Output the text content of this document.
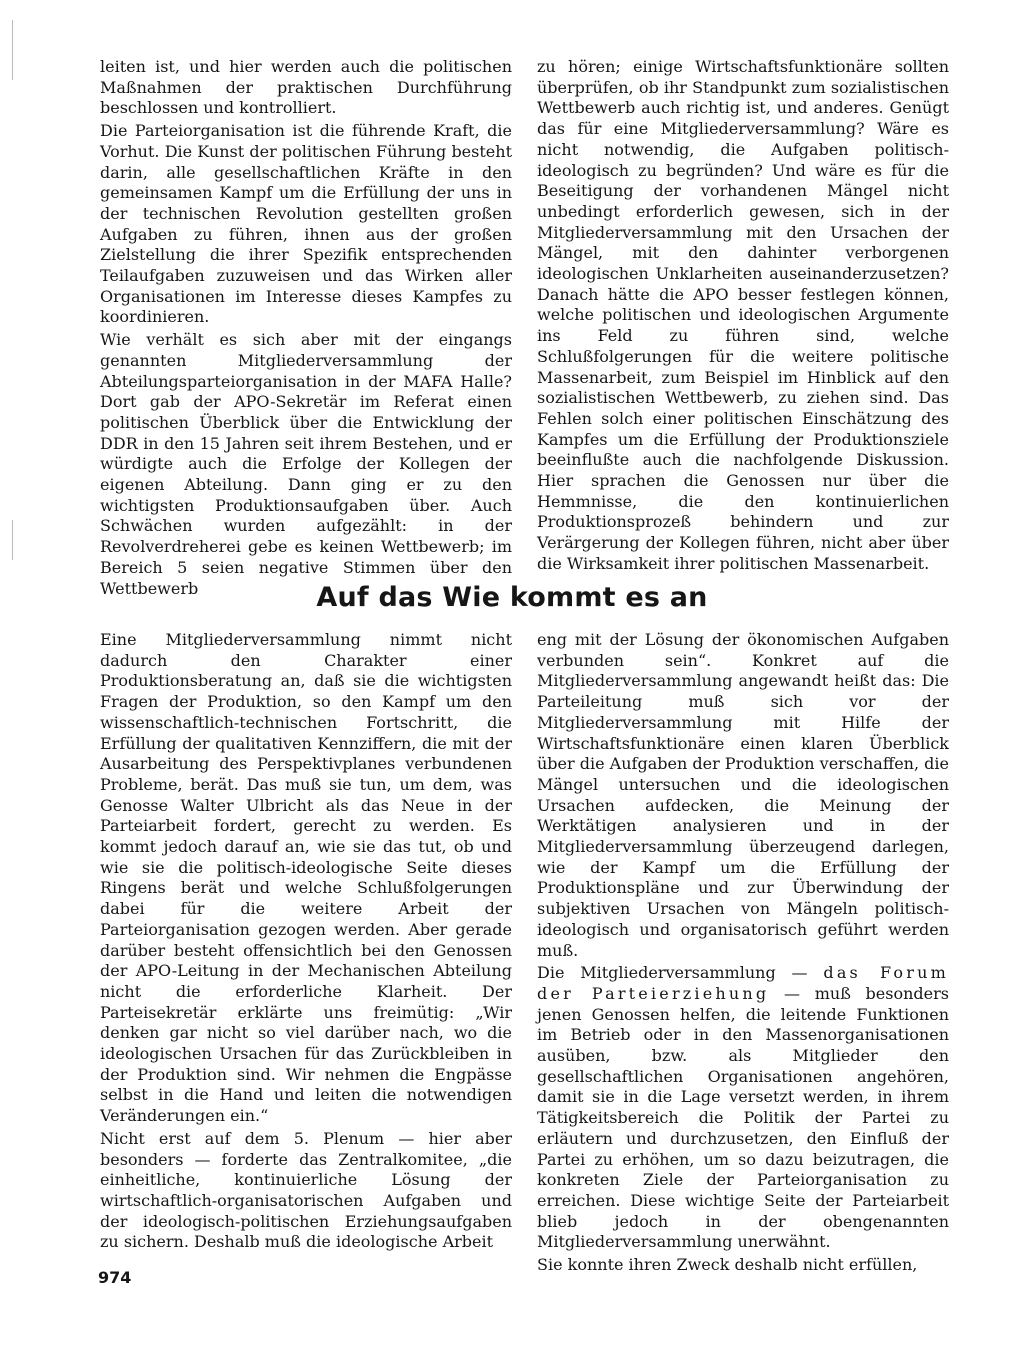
leiten ist, und hier werden auch die politischen Maßnahmen der praktischen Durchführung beschlossen und kontrolliert.

Die Parteiorganisation ist die führende Kraft, die Vorhut. Die Kunst der politischen Führung besteht darin, alle gesellschaftlichen Kräfte in den gemeinsamen Kampf um die Erfüllung der uns in der technischen Revolution gestellten großen Aufgaben zu führen, ihnen aus der großen Zielstellung die ihrer Spezifik entsprechenden Teilaufgaben zuzuweisen und das Wirken aller Organisationen im Interesse dieses Kampfes zu koordinieren.

Wie verhält es sich aber mit der eingangs genannten Mitgliederversammlung der Abteilungsparteiorganisation in der MAFA Halle? Dort gab der APO-Sekretär im Referat einen politischen Überblick über die Entwicklung der DDR in den 15 Jahren seit ihrem Bestehen, und er würdigte auch die Erfolge der Kollegen der eigenen Abteilung. Dann ging er zu den wichtigsten Produktionsaufgaben über. Auch Schwächen wurden aufgezählt: in der Revolverdreherei gebe es keinen Wettbewerb; im Bereich 5 seien negative Stimmen über den Wettbewerb

zu hören; einige Wirtschaftsfunktionäre sollten überprüfen, ob ihr Standpunkt zum sozialistischen Wettbewerb auch richtig ist, und anderes. Genügt das für eine Mitgliederversammlung? Wäre es nicht notwendig, die Aufgaben politisch-ideologisch zu begründen? Und wäre es für die Beseitigung der vorhandenen Mängel nicht unbedingt erforderlich gewesen, sich in der Mitgliederversammlung mit den Ursachen der Mängel, mit den dahinter verborgenen ideologischen Unklarheiten auseinanderzusetzen? Danach hätte die APO besser festlegen können, welche politischen und ideologischen Argumente ins Feld zu führen sind, welche Schlußfolgerungen für die weitere politische Massenarbeit, zum Beispiel im Hinblick auf den sozialistischen Wettbewerb, zu ziehen sind. Das Fehlen solch einer politischen Einschätzung des Kampfes um die Erfüllung der Produktionsziele beeinflußte auch die nachfolgende Diskussion. Hier sprachen die Genossen nur über die Hemmnisse, die den kontinuierlichen Produktionsprozeß behindern und zur Verärgerung der Kollegen führen, nicht aber über die Wirksamkeit ihrer politischen Massenarbeit.

Auf das Wie kommt es an

Eine Mitgliederversammlung nimmt nicht dadurch den Charakter einer Produktionsberatung an, daß sie die wichtigsten Fragen der Produktion, so den Kampf um den wissenschaftlich-technischen Fortschritt, die Erfüllung der qualitativen Kennziffern, die mit der Ausarbeitung des Perspektivplanes verbundenen Probleme, berät. Das muß sie tun, um dem, was Genosse Walter Ulbricht als das Neue in der Parteiarbeit fordert, gerecht zu werden. Es kommt jedoch darauf an, wie sie das tut, ob und wie sie die politisch-ideologische Seite dieses Ringens berät und welche Schlußfolgerungen dabei für die weitere Arbeit der Parteiorganisation gezogen werden. Aber gerade darüber besteht offensichtlich bei den Genossen der APO-Leitung in der Mechanischen Abteilung nicht die erforderliche Klarheit. Der Parteisekretär erklärte uns freimütig: „Wir denken gar nicht so viel darüber nach, wo die ideologischen Ursachen für das Zurückbleiben in der Produktion sind. Wir nehmen die Engpässe selbst in die Hand und leiten die notwendigen Veränderungen ein.“

Nicht erst auf dem 5. Plenum — hier aber besonders — forderte das Zentralkomitee, „die einheitliche, kontinuierliche Lösung der wirtschaftlich-organisatorischen Aufgaben und der ideologisch-politischen Erziehungsaufgaben zu sichern. Deshalb muß die ideologische Arbeit

eng mit der Lösung der ökonomischen Aufgaben verbunden sein“. Konkret auf die Mitgliederversammlung angewandt heißt das: Die Parteileitung muß sich vor der Mitgliederversammlung mit Hilfe der Wirtschaftsfunktionäre einen klaren Überblick über die Aufgaben der Produktion verschaffen, die Mängel untersuchen und die ideologischen Ursachen aufdecken, die Meinung der Werktätigen analysieren und in der Mitgliederversammlung überzeugend darlegen, wie der Kampf um die Erfüllung der Produktionspläne und zur Überwindung der subjektiven Ursachen von Mängeln politisch-ideologisch und organisatorisch geführt werden muß.

Die Mitgliederversammlung — das Forum der Parteierziehung — muß besonders jenen Genossen helfen, die leitende Funktionen im Betrieb oder in den Massenorganisationen ausüben, bzw. als Mitglieder den gesellschaftlichen Organisationen angehören, damit sie in die Lage versetzt werden, in ihrem Tätigkeitsbereich die Politik der Partei zu erläutern und durchzusetzen, den Einfluß der Partei zu erhöhen, um so dazu beizutragen, die konkreten Ziele der Parteiorganisation zu erreichen. Diese wichtige Seite der Parteiarbeit blieb jedoch in der obengenannten Mitgliederversammlung unerwähnt.

Sie konnte ihren Zweck deshalb nicht erfüllen,

974
